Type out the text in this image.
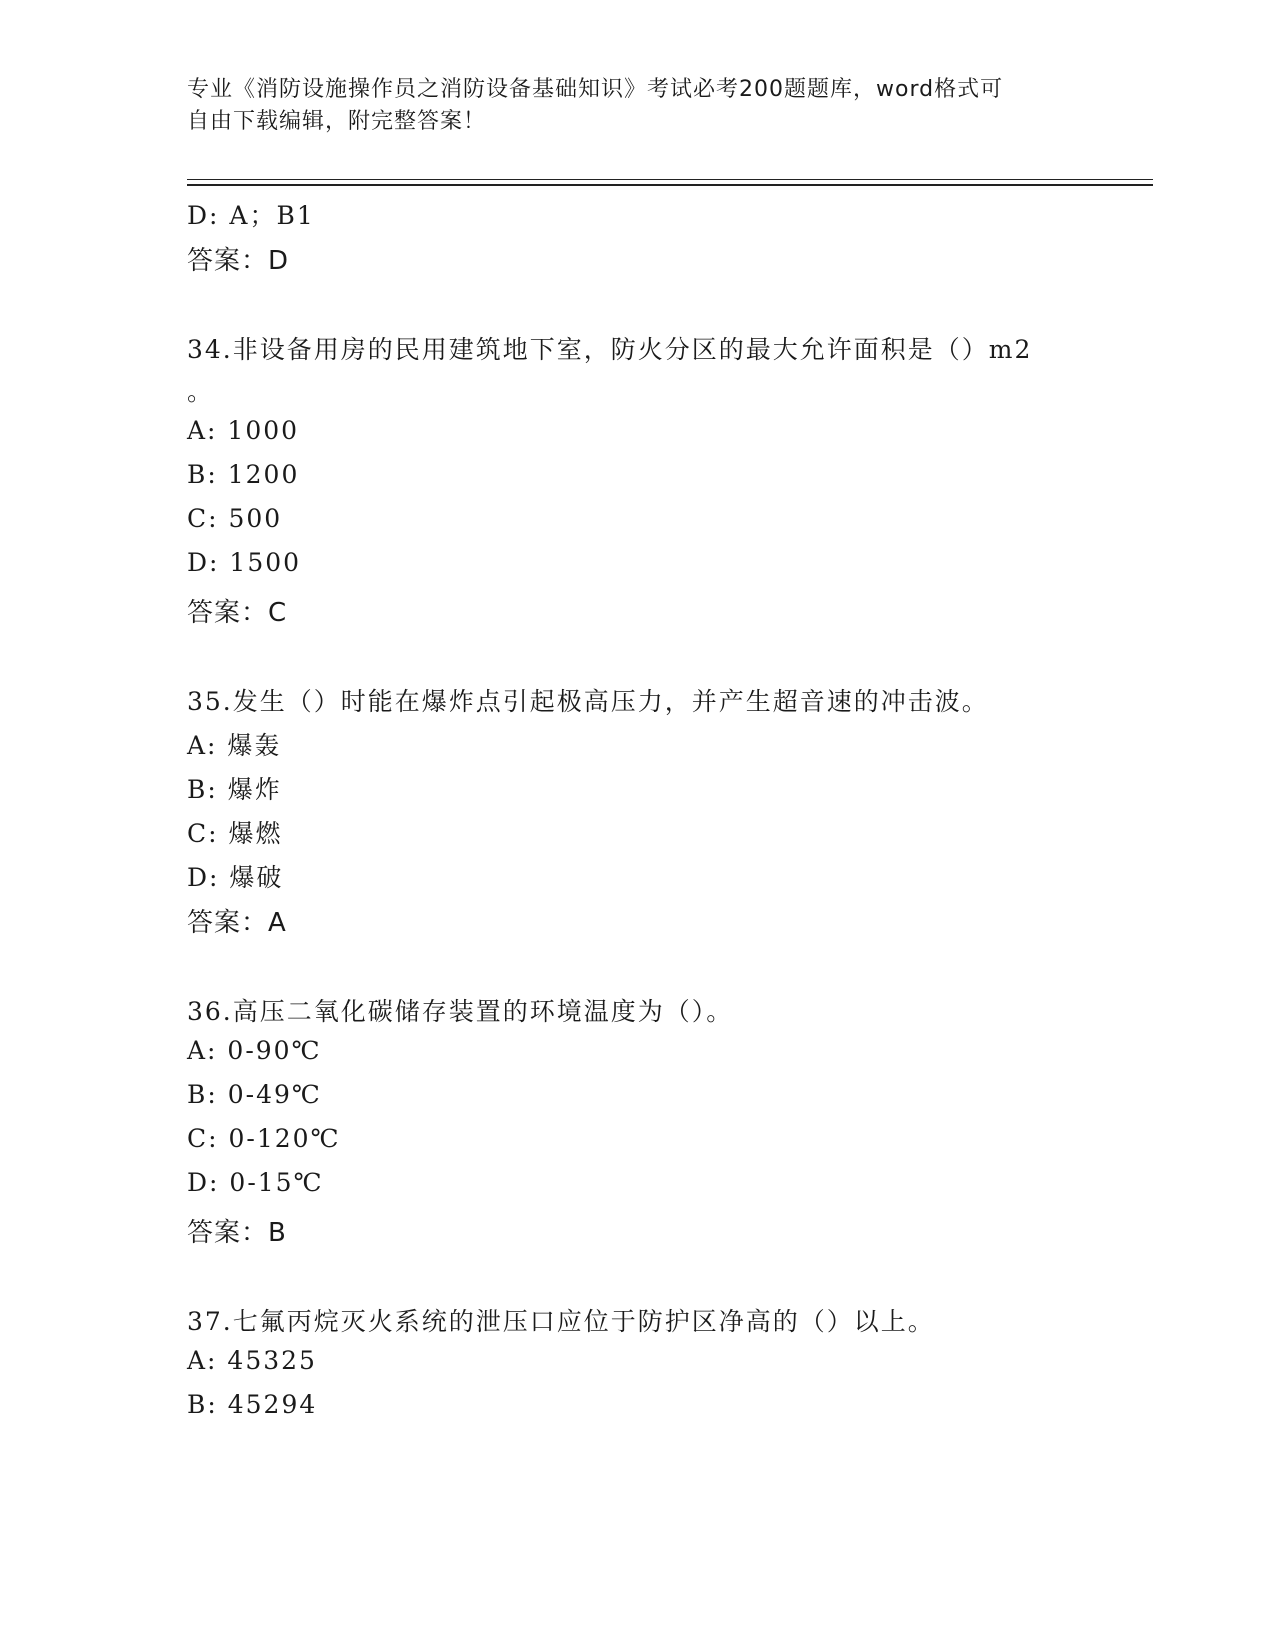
专业《消防设施操作员之消防设备基础知识》考试必考200题题库，word格式可
自由下载编辑，附完整答案！
D: A；B1
答案：D
34.非设备用房的民用建筑地下室，防火分区的最大允许面积是（）m2
。
A: 1000
B: 1200
C: 500
D: 1500
答案：C
35.发生（）时能在爆炸点引起极高压力，并产生超音速的冲击波。
A: 爆轰
B: 爆炸
C: 爆燃
D: 爆破
答案：A
36.高压二氧化碳储存装置的环境温度为（）。
A: 0-90℃
B: 0-49℃
C: 0-120℃
D: 0-15℃
答案：B
37.七氟丙烷灭火系统的泄压口应位于防护区净高的（）以上。
A: 45325
B: 45294
